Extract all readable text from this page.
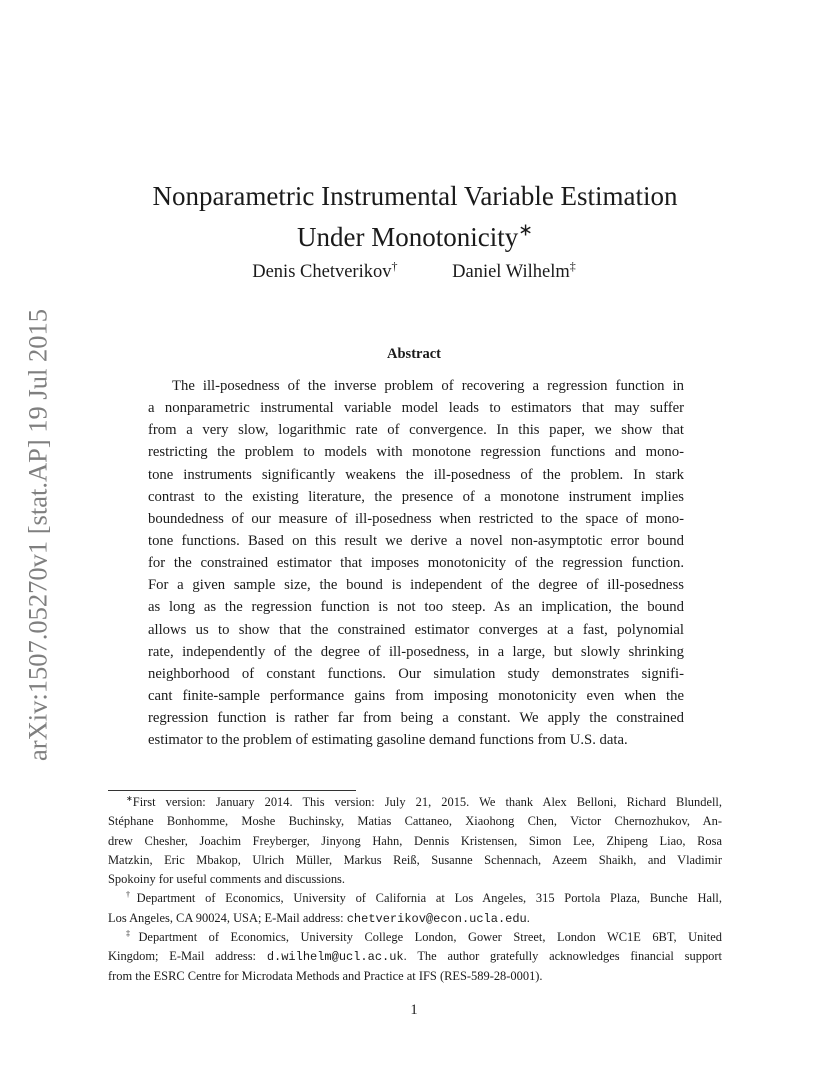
arXiv:1507.05270v1 [stat.AP] 19 Jul 2015
Nonparametric Instrumental Variable Estimation
Under Monotonicity∗
Denis Chetverikov†	Daniel Wilhelm‡
Abstract
The ill-posedness of the inverse problem of recovering a regression function in
a nonparametric instrumental variable model leads to estimators that may suffer
from a very slow, logarithmic rate of convergence. In this paper, we show that
restricting the problem to models with monotone regression functions and mono-
tone instruments significantly weakens the ill-posedness of the problem. In stark
contrast to the existing literature, the presence of a monotone instrument implies
boundedness of our measure of ill-posedness when restricted to the space of mono-
tone functions. Based on this result we derive a novel non-asymptotic error bound
for the constrained estimator that imposes monotonicity of the regression function.
For a given sample size, the bound is independent of the degree of ill-posedness
as long as the regression function is not too steep. As an implication, the bound
allows us to show that the constrained estimator converges at a fast, polynomial
rate, independently of the degree of ill-posedness, in a large, but slowly shrinking
neighborhood of constant functions. Our simulation study demonstrates signifi-
cant finite-sample performance gains from imposing monotonicity even when the
regression function is rather far from being a constant. We apply the constrained
estimator to the problem of estimating gasoline demand functions from U.S. data.
∗First version: January 2014. This version: July 21, 2015. We thank Alex Belloni, Richard Blundell,
Stéphane Bonhomme, Moshe Buchinsky, Matias Cattaneo, Xiaohong Chen, Victor Chernozhukov, An-
drew Chesher, Joachim Freyberger, Jinyong Hahn, Dennis Kristensen, Simon Lee, Zhipeng Liao, Rosa
Matzkin, Eric Mbakop, Ulrich Müller, Markus Reiß, Susanne Schennach, Azeem Shaikh, and Vladimir
Spokoiny for useful comments and discussions.
†Department of Economics, University of California at Los Angeles, 315 Portola Plaza, Bunche Hall,
Los Angeles, CA 90024, USA; E-Mail address: chetverikov@econ.ucla.edu.
‡Department of Economics, University College London, Gower Street, London WC1E 6BT, United
Kingdom; E-Mail address: d.wilhelm@ucl.ac.uk. The author gratefully acknowledges financial support
from the ESRC Centre for Microdata Methods and Practice at IFS (RES-589-28-0001).
1
